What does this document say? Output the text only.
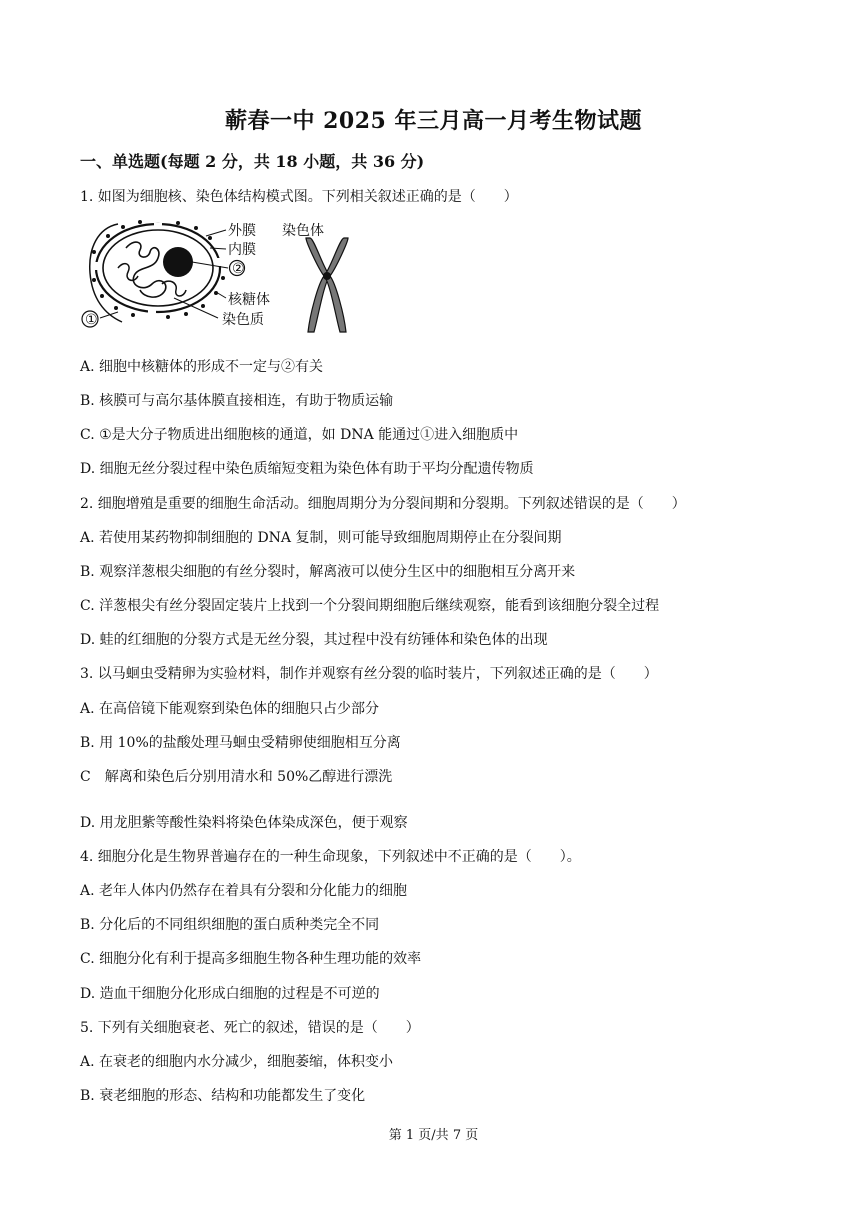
蕲春一中 2025 年三月高一月考生物试题
一、单选题(每题 2 分，共 18 小题，共 36 分)
1. 如图为细胞核、染色体结构模式图。下列相关叙述正确的是（　　）
外膜
内膜
②
核糖体
染色质
①
染色体
A. 细胞中核糖体的形成不一定与②有关
B. 核膜可与高尔基体膜直接相连，有助于物质运输
C. ①是大分子物质进出细胞核的通道，如 DNA 能通过①进入细胞质中
D. 细胞无丝分裂过程中染色质缩短变粗为染色体有助于平均分配遗传物质
2. 细胞增殖是重要的细胞生命活动。细胞周期分为分裂间期和分裂期。下列叙述错误的是（　　）
A. 若使用某药物抑制细胞的 DNA 复制，则可能导致细胞周期停止在分裂间期
B. 观察洋葱根尖细胞的有丝分裂时，解离液可以使分生区中的细胞相互分离开来
C. 洋葱根尖有丝分裂固定装片上找到一个分裂间期细胞后继续观察，能看到该细胞分裂全过程
D. 蛙的红细胞的分裂方式是无丝分裂，其过程中没有纺锤体和染色体的出现
3. 以马蛔虫受精卵为实验材料，制作并观察有丝分裂的临时装片，下列叙述正确的是（　　）
A. 在高倍镜下能观察到染色体的细胞只占少部分
B. 用 10%的盐酸处理马蛔虫受精卵使细胞相互分离
C　解离和染色后分别用清水和 50%乙醇进行漂洗
D. 用龙胆紫等酸性染料将染色体染成深色，便于观察
4. 细胞分化是生物界普遍存在的一种生命现象，下列叙述中不正确的是（　　）。
A. 老年人体内仍然存在着具有分裂和分化能力的细胞
B. 分化后的不同组织细胞的蛋白质种类完全不同
C. 细胞分化有利于提高多细胞生物各种生理功能的效率
D. 造血干细胞分化形成白细胞的过程是不可逆的
5. 下列有关细胞衰老、死亡的叙述，错误的是（　　）
A. 在衰老的细胞内水分减少，细胞萎缩，体积变小
B. 衰老细胞的形态、结构和功能都发生了变化
第 1 页/共 7 页
